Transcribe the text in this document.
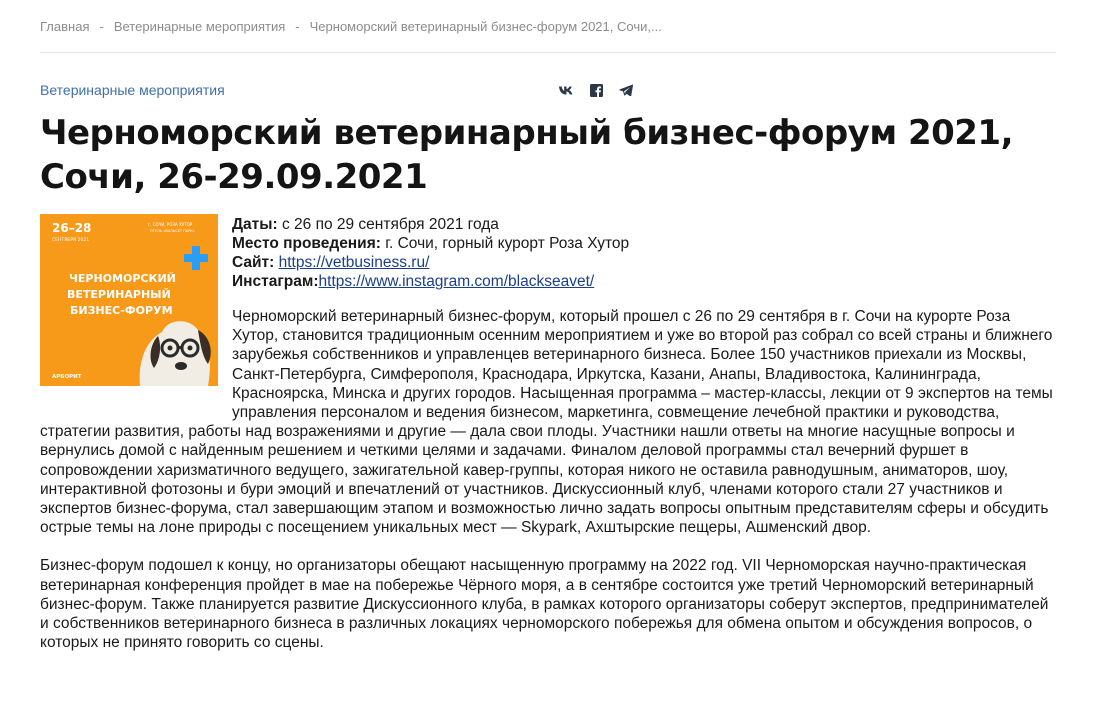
Главная - Ветеринарные мероприятия - Черноморский ветеринарный бизнес-форум 2021, Сочи,...
Ветеринарные мероприятия
Черноморский ветеринарный бизнес-форум 2021, Сочи, 26-29.09.2021
26–28
СЕНТЯБРЯ 2021
г. СОЧИ, РОЗА ХУТОР
ОТЕЛЬ «ВАЛЬСЕТ ПАРК»
ЧЕРНОМОРСКИЙ
ВЕТЕРИНАРНЫЙ
БИЗНЕС-ФОРУМ
АРБОРИТ
Даты: с 26 по 29 сентября 2021 года
Место проведения: г. Сочи, горный курорт Роза Хутор
Сайт: https://vetbusiness.ru/
Инстаграм:https://www.instagram.com/blackseavet/

Черноморский ветеринарный бизнес-форум, который прошел с 26 по 29 сентября в г. Сочи на курорте Роза Хутор, становится традиционным осенним мероприятием и уже во второй раз собрал со всей страны и ближнего зарубежья собственников и управленцев ветеринарного бизнеса. Более 150 участников приехали из Москвы, Санкт-Петербурга, Симферополя, Краснодара, Иркутска, Казани, Анапы, Владивостока, Калининграда, Красноярска, Минска и других городов. Насыщенная программа – мастер-классы, лекции от 9 экспертов на темы управления персоналом и ведения бизнесом, маркетинга, совмещение лечебной практики и руководства, стратегии развития, работы над возражениями и другие — дала свои плоды. Участники нашли ответы на многие насущные вопросы и вернулись домой с найденным решением и четкими целями и задачами. Финалом деловой программы стал вечерний фуршет в сопровождении харизматичного ведущего, зажигательной кавер-группы, которая никого не оставила равнодушным, аниматоров, шоу, интерактивной фотозоны и бури эмоций и впечатлений от участников. Дискуссионный клуб, членами которого стали 27 участников и экспертов бизнес-форума, стал завершающим этапом и возможностью лично задать вопросы опытным представителям сферы и обсудить острые темы на лоне природы с посещением уникальных мест — Skypark, Ахштырские пещеры, Ашменский двор.

Бизнес-форум подошел к концу, но организаторы обещают насыщенную программу на 2022 год. VII Черноморская научно-практическая ветеринарная конференция пройдет в мае на побережье Чёрного моря, а в сентябре состоится уже третий Черноморский ветеринарный бизнес-форум. Также планируется развитие Дискуссионного клуба, в рамках которого организаторы соберут экспертов, предпринимателей и собственников ветеринарного бизнеса в различных локациях черноморского побережья для обмена опытом и обсуждения вопросов, о которых не принято говорить со сцены.
